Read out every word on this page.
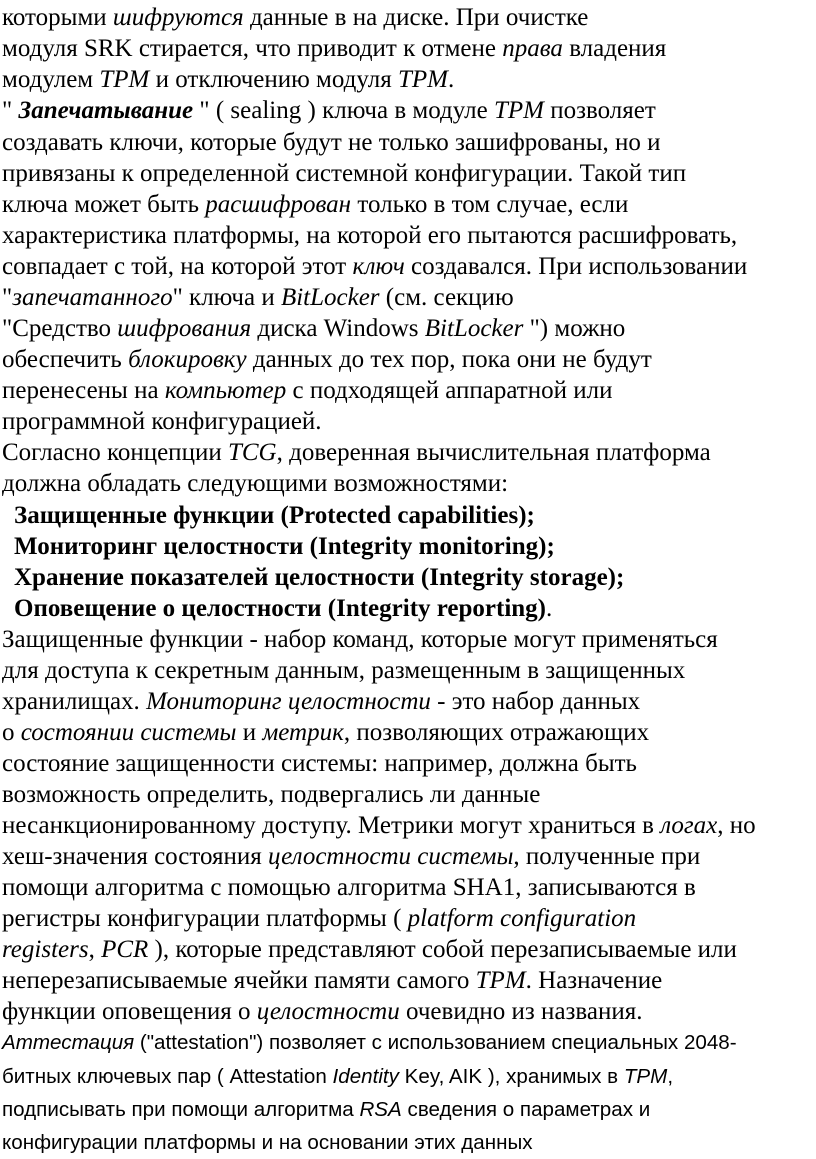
которыми шифруются данные в на диске. При очистке
модуля SRK стирается, что приводит к отмене права владения
модулем TPM и отключению модуля TPM.
" Запечатывание " ( sealing ) ключа в модуле TPM позволяет
создавать ключи, которые будут не только зашифрованы, но и
привязаны к определенной системной конфигурации. Такой тип
ключа может быть расшифрован только в том случае, если
характеристика платформы, на которой его пытаются расшифровать,
совпадает с той, на которой этот ключ создавался. При использовании
"запечатанного" ключа и BitLocker (см. секцию
"Средство шифрования диска Windows BitLocker ") можно
обеспечить блокировку данных до тех пор, пока они не будут
перенесены на компьютер с подходящей аппаратной или
программной конфигурацией.
Согласно концепции TCG, доверенная вычислительная платформа
должна обладать следующими возможностями:
Защищенные функции (Protected capabilities);
Мониторинг целостности (Integrity monitoring);
Хранение показателей целостности (Integrity storage);
Оповещение о целостности (Integrity reporting).
Защищенные функции - набор команд, которые могут применяться
для доступа к секретным данным, размещенным в защищенных
хранилищах. Мониторинг целостности - это набор данных
о состоянии системы и метрик, позволяющих отражающих
состояние защищенности системы: например, должна быть
возможность определить, подвергались ли данные
несанкционированному доступу. Метрики могут храниться в логах, но
хеш-значения состояния целостности системы, полученные при
помощи алгоритма с помощью алгоритма SHA1, записываются в
регистры конфигурации платформы ( platform configuration
registers, PCR ), которые представляют собой перезаписываемые или
неперезаписываемые ячейки памяти самого TPM. Назначение
функции оповещения о целостности очевидно из названия.
Аттестация ("attestation") позволяет с использованием специальных 2048-
битных ключевых пар ( Attestation Identity Key, AIK ), хранимых в TPM,
подписывать при помощи алгоритма RSA сведения о параметрах и
конфигурации платформы и на основании этих данных
